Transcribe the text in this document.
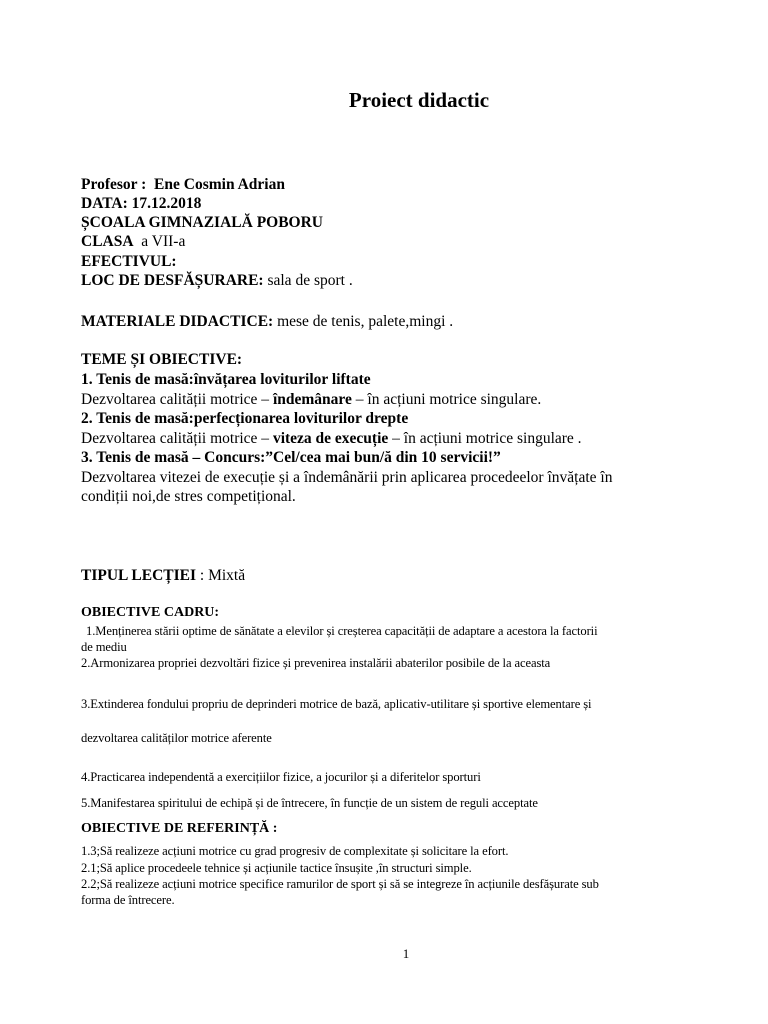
Proiect didactic
Profesor : Ene Cosmin Adrian
DATA: 17.12.2018
ȘCOALA GIMNAZIALĂ POBORU
CLASA a VII-a
EFECTIVUL:
LOC DE DESFĂȘURARE: sala de sport .
MATERIALE DIDACTICE: mese de tenis, palete,mingi .
TEME ȘI OBIECTIVE:
1. Tenis de masă:învățarea loviturilor liftate
Dezvoltarea calității motrice – îndemânare – în acțiuni motrice singulare.
2. Tenis de masă:perfecționarea loviturilor drepte
Dezvoltarea calității motrice – viteza de execuție – în acțiuni motrice singulare .
3. Tenis de masă – Concurs:”Cel/cea mai bun/ă din 10 servicii!”
Dezvoltarea vitezei de execuție și a îndemânării prin aplicarea procedeelor învățate în
condiții noi,de stres competițional.
TIPUL LECȚIEI : Mixtă
OBIECTIVE CADRU:
1.Menținerea stării optime de sănătate a elevilor și creșterea capacității de adaptare a acestora la factorii
de mediu
2.Armonizarea propriei dezvoltări fizice și prevenirea instalării abaterilor posibile de la aceasta
3.Extinderea fondului propriu de deprinderi motrice de bază, aplicativ-utilitare și sportive elementare și
dezvoltarea calităților motrice aferente
4.Practicarea independentă a exercițiilor fizice, a jocurilor și a diferitelor sporturi
5.Manifestarea spiritului de echipă și de întrecere, în funcție de un sistem de reguli acceptate
OBIECTIVE DE REFERINȚĂ :
1.3;Să realizeze acțiuni motrice cu grad progresiv de complexitate și solicitare la efort.
2.1;Să aplice procedeele tehnice și acțiunile tactice însușite ,în structuri simple.
2.2;Să realizeze acțiuni motrice specifice ramurilor de sport și să se integreze în acțiunile desfășurate sub
forma de întrecere.
1
